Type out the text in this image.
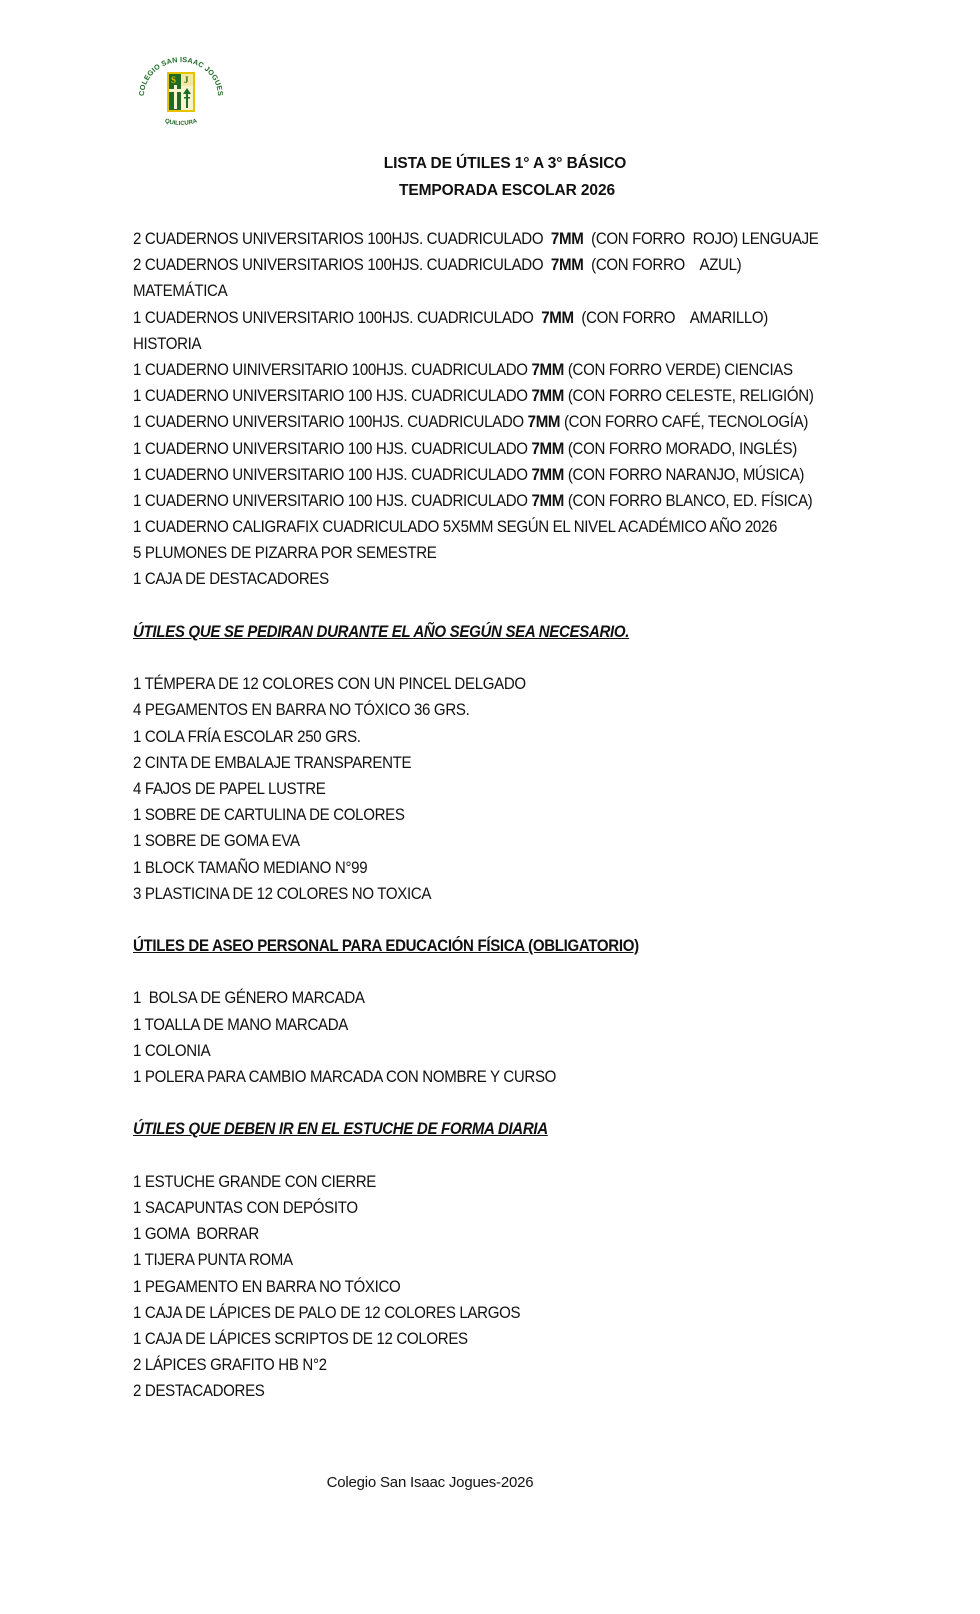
COLEGIO SAN ISAAC JOGUES
S J
QUILICURA
LISTA DE ÚTILES 1° A 3° BÁSICO
TEMPORADA ESCOLAR 2026
2 CUADERNOS UNIVERSITARIOS 100HJS. CUADRICULADO  7MM  (CON FORRO  ROJO) LENGUAJE
2 CUADERNOS UNIVERSITARIOS 100HJS. CUADRICULADO  7MM  (CON FORRO    AZUL)
MATEMÁTICA
1 CUADERNOS UNIVERSITARIO 100HJS. CUADRICULADO  7MM  (CON FORRO    AMARILLO)
HISTORIA
1 CUADERNO UINIVERSITARIO 100HJS. CUADRICULADO 7MM (CON FORRO VERDE) CIENCIAS
1 CUADERNO UNIVERSITARIO 100 HJS. CUADRICULADO 7MM (CON FORRO CELESTE, RELIGIÓN)
1 CUADERNO UNIVERSITARIO 100HJS. CUADRICULADO 7MM (CON FORRO CAFÉ, TECNOLOGÍA)
1 CUADERNO UNIVERSITARIO 100 HJS. CUADRICULADO 7MM (CON FORRO MORADO, INGLÉS)
1 CUADERNO UNIVERSITARIO 100 HJS. CUADRICULADO 7MM (CON FORRO NARANJO, MÚSICA)
1 CUADERNO UNIVERSITARIO 100 HJS. CUADRICULADO 7MM (CON FORRO BLANCO, ED. FÍSICA)
1 CUADERNO CALIGRAFIX CUADRICULADO 5X5MM SEGÚN EL NIVEL ACADÉMICO AÑO 2026
5 PLUMONES DE PIZARRA POR SEMESTRE
1 CAJA DE DESTACADORES
ÚTILES QUE SE PEDIRAN DURANTE EL AÑO SEGÚN SEA NECESARIO.
1 TÉMPERA DE 12 COLORES CON UN PINCEL DELGADO
4 PEGAMENTOS EN BARRA NO TÓXICO 36 GRS.
1 COLA FRÍA ESCOLAR 250 GRS.
2 CINTA DE EMBALAJE TRANSPARENTE
4 FAJOS DE PAPEL LUSTRE
1 SOBRE DE CARTULINA DE COLORES
1 SOBRE DE GOMA EVA
1 BLOCK TAMAÑO MEDIANO N°99
3 PLASTICINA DE 12 COLORES NO TOXICA
ÚTILES DE ASEO PERSONAL PARA EDUCACIÓN FÍSICA (OBLIGATORIO)
1  BOLSA DE GÉNERO MARCADA
1 TOALLA DE MANO MARCADA
1 COLONIA
1 POLERA PARA CAMBIO MARCADA CON NOMBRE Y CURSO
ÚTILES QUE DEBEN IR EN EL ESTUCHE DE FORMA DIARIA
1 ESTUCHE GRANDE CON CIERRE
1 SACAPUNTAS CON DEPÓSITO
1 GOMA  BORRAR
1 TIJERA PUNTA ROMA
1 PEGAMENTO EN BARRA NO TÓXICO
1 CAJA DE LÁPICES DE PALO DE 12 COLORES LARGOS
1 CAJA DE LÁPICES SCRIPTOS DE 12 COLORES
2 LÁPICES GRAFITO HB N°2
2 DESTACADORES
Colegio San Isaac Jogues-2026
